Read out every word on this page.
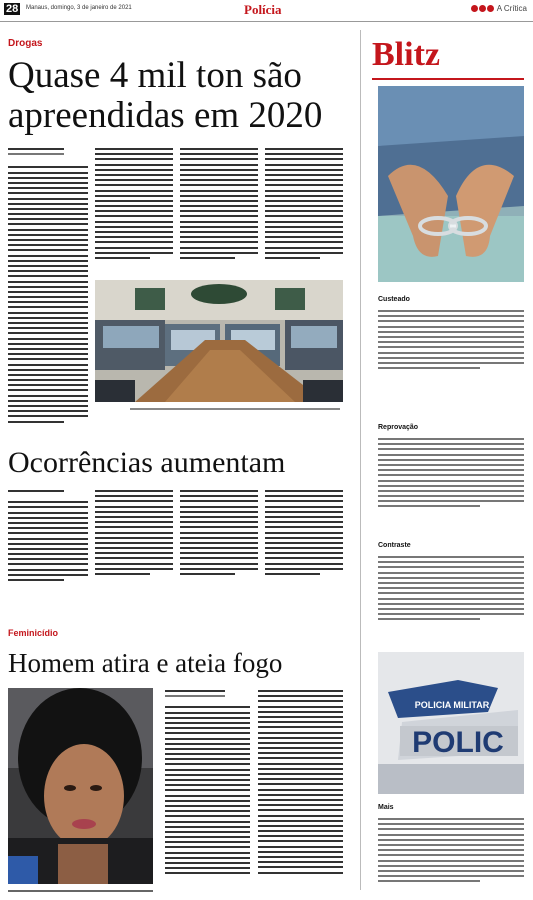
28	Manaus, domingo, 3 de janeiro de 2021	Polícia	A Crítica
Drogas
Quase 4 mil ton são
apreendidas em 2020
Ocorrências aumentam
Feminicídio
Homem atira e ateia fogo
Blitz
Custeado
Reprovação
Contraste
POLICIA MILITAR
POLIC
Mais
